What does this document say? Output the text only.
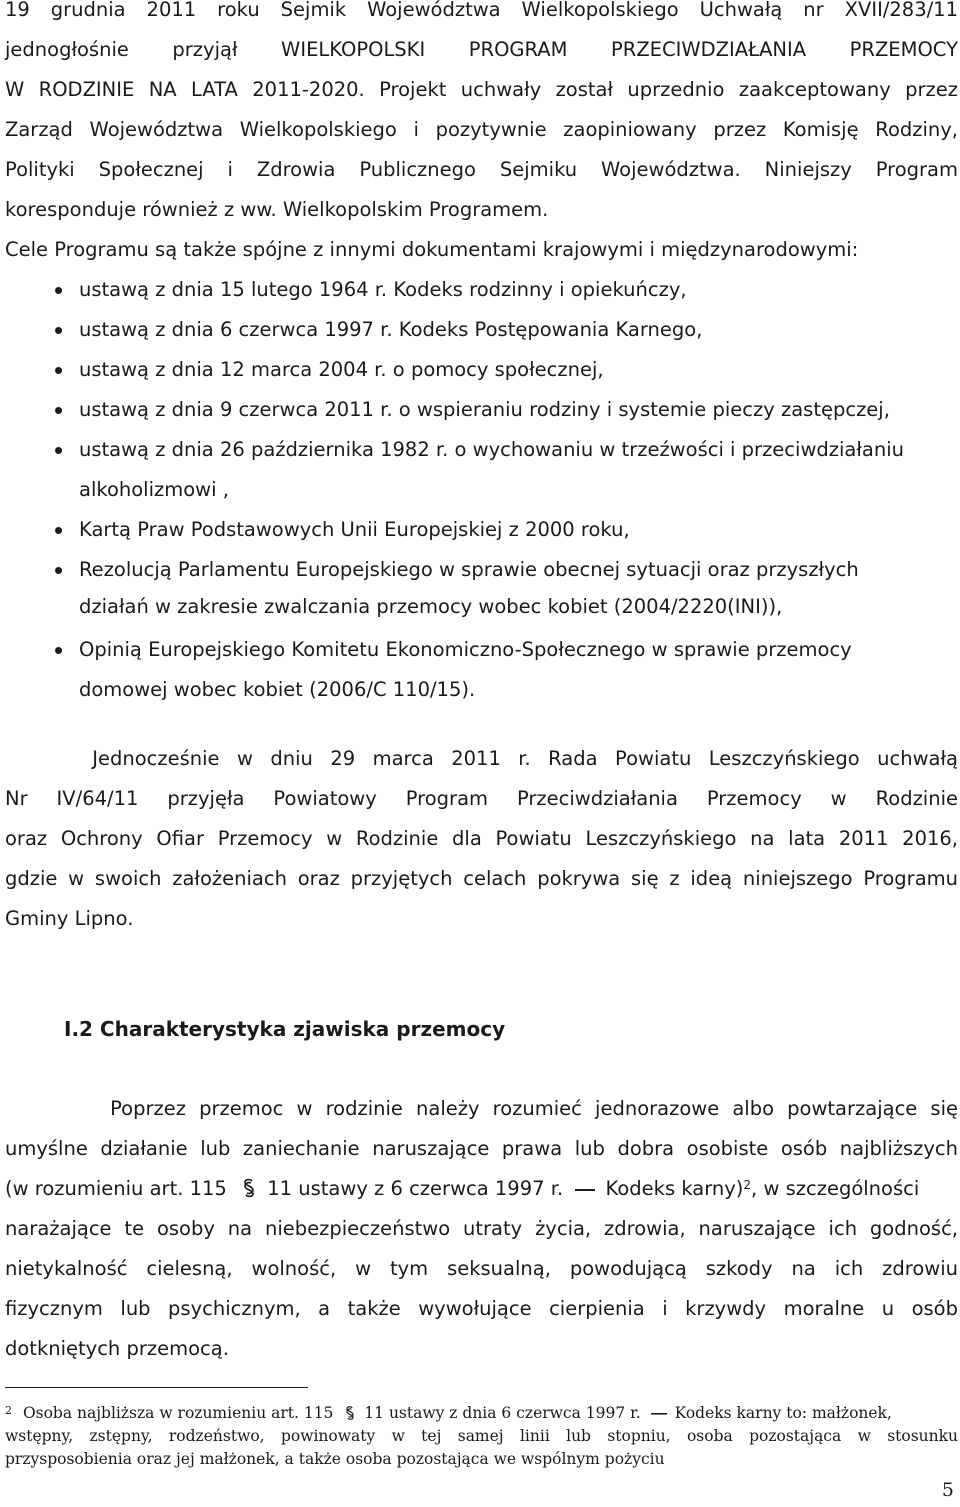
19 grudnia 2011 roku Sejmik Województwa Wielkopolskiego Uchwałą nr XVII/283/11
jednogłośnie przyjął WIELKOPOLSKI PROGRAM PRZECIWDZIAŁANIA PRZEMOCY
W RODZINIE NA LATA 2011-2020. Projekt uchwały został uprzednio zaakceptowany przez
Zarząd Województwa Wielkopolskiego i pozytywnie zaopiniowany przez Komisję Rodziny,
Polityki Społecznej i Zdrowia Publicznego Sejmiku Województwa. Niniejszy Program
koresponduje również z ww. Wielkopolskim Programem.
Cele Programu są także spójne z innymi dokumentami krajowymi i międzynarodowymi:
ustawą z dnia 15 lutego 1964 r. Kodeks rodzinny i opiekuńczy,
ustawą z dnia 6 czerwca 1997 r. Kodeks Postępowania Karnego,
ustawą z dnia 12 marca 2004 r. o pomocy społecznej,
ustawą z dnia 9 czerwca 2011 r. o wspieraniu rodziny i systemie pieczy zastępczej,
ustawą z dnia 26 października 1982 r. o wychowaniu w trzeźwości i przeciwdziałaniu
alkoholizmowi ,
Kartą Praw Podstawowych Unii Europejskiej z 2000 roku,
Rezolucją Parlamentu Europejskiego w sprawie obecnej sytuacji oraz przyszłych
działań w zakresie zwalczania przemocy wobec kobiet (2004/2220(INI)),
Opinią Europejskiego Komitetu Ekonomiczno-Społecznego w sprawie przemocy
domowej wobec kobiet (2006/C 110/15).
Jednocześnie w dniu 29 marca 2011 r. Rada Powiatu Leszczyńskiego uchwałą
Nr IV/64/11 przyjęła Powiatowy Program Przeciwdziałania Przemocy w Rodzinie
oraz Ochrony Ofiar Przemocy w Rodzinie dla Powiatu Leszczyńskiego na lata 2011 2016,
gdzie w swoich założeniach oraz przyjętych celach pokrywa się z ideą niniejszego Programu
Gminy Lipno.
I.2 Charakterystyka zjawiska przemocy
Poprzez przemoc w rodzinie należy rozumieć jednorazowe albo powtarzające się
umyślne działanie lub zaniechanie naruszające prawa lub dobra osobiste osób najbliższych
(w rozumieniu art. 115 11 ustawy z 6 czerwca 1997 r. Kodeks karny)$^2$, w szczególności
narażające te osoby na niebezpieczeństwo utraty życia, zdrowia, naruszające ich godność,
nietykalność cielesną, wolność, w tym seksualną, powodującą szkody na ich zdrowiu
fizycznym lub psychicznym, a także wywołujące cierpienia i krzywdy moralne u osób
dotkniętych przemocą.
$^2$ Osoba najbliższa w rozumieniu art. 115 11 ustawy z dnia 6 czerwca 1997 r. Kodeks karny to: małżonek,
wstępny, zstępny, rodzeństwo, powinowaty w tej samej linii lub stopniu, osoba pozostająca w stosunku
przysposobienia oraz jej małżonek, a także osoba pozostająca we wspólnym pożyciu
5
